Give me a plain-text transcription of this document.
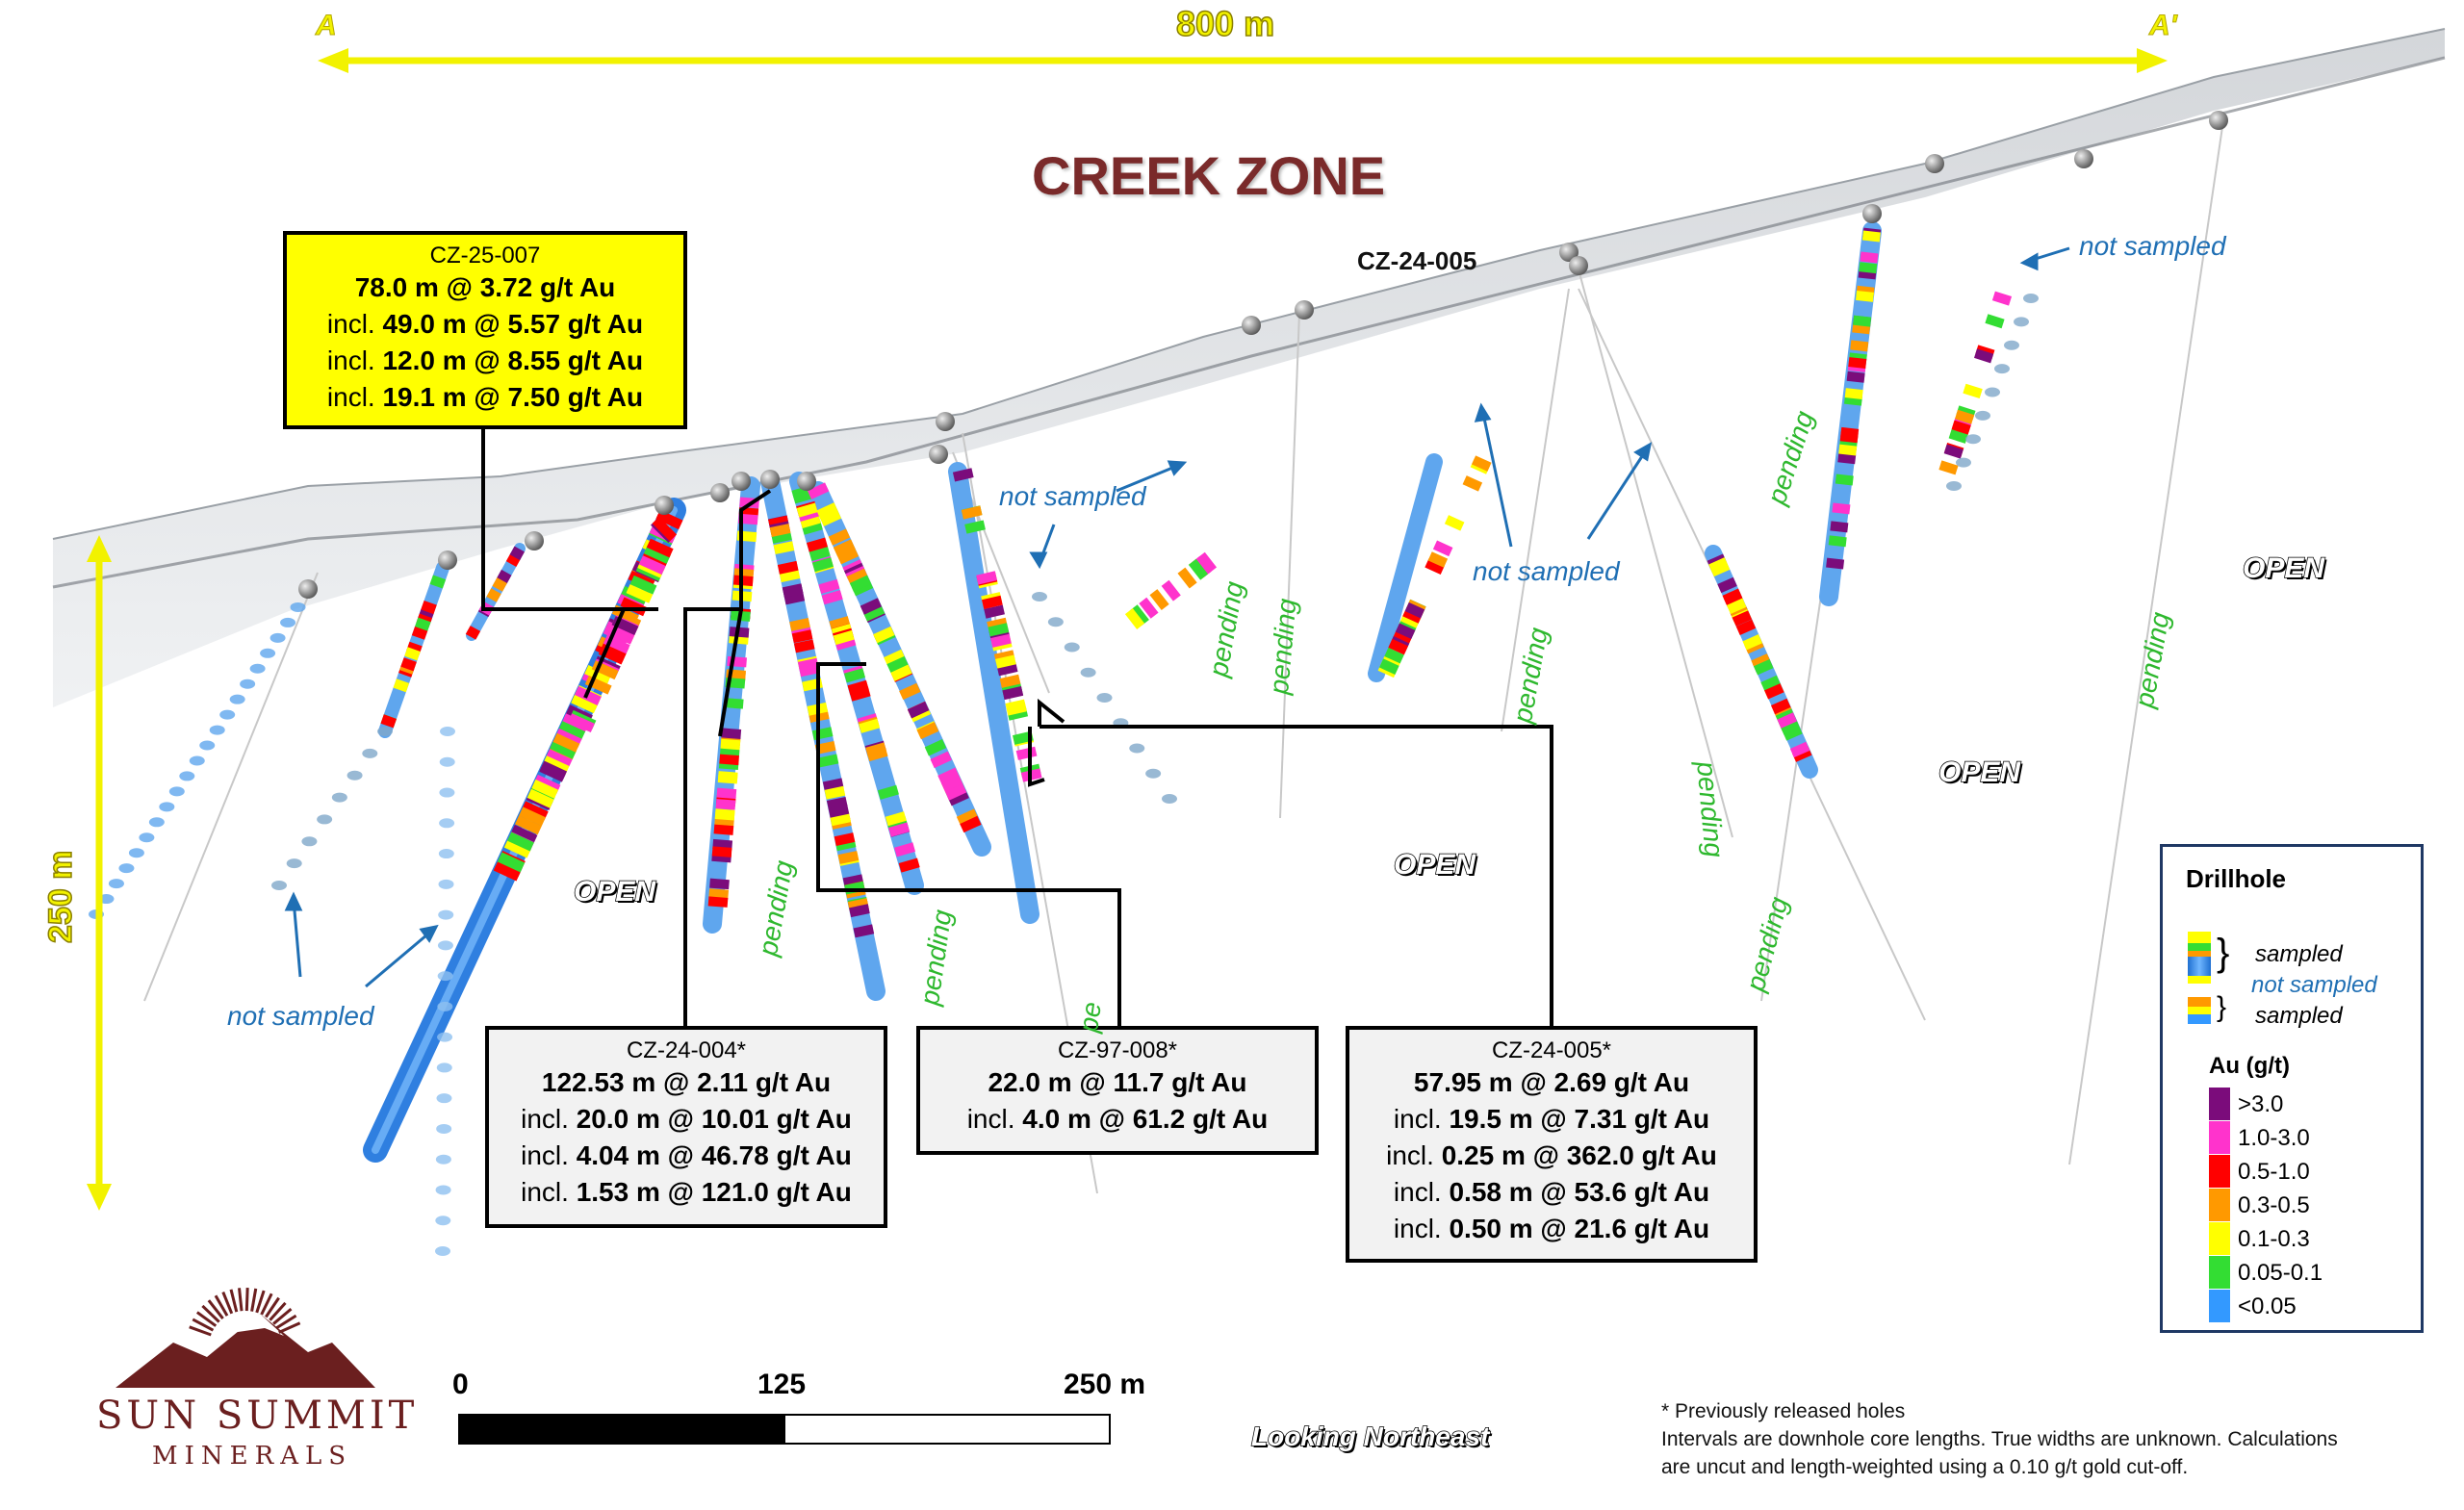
A	A'
800 m
250 m
CREEK ZONE
CZ-24-005
CZ-25-007
78.0 m @ 3.72 g/t Au
incl. 49.0 m @ 5.57 g/t Au
incl. 12.0 m @ 8.55 g/t Au
incl. 19.1 m @ 7.50 g/t Au
CZ-24-004*
122.53 m @ 2.11 g/t Au
incl. 20.0 m @ 10.01 g/t Au
incl. 4.04 m @ 46.78 g/t Au
incl. 1.53 m @ 121.0 g/t Au
CZ-97-008*
22.0 m @ 11.7 g/t Au
incl. 4.0 m @ 61.2 g/t Au
CZ-24-005*
57.95 m @ 2.69 g/t Au
incl. 19.5 m @ 7.31 g/t Au
incl. 0.25 m @ 362.0 g/t Au
incl. 0.58 m @ 53.6 g/t Au
incl. 0.50 m @ 21.6 g/t Au
OPEN
OPEN
OPEN
OPEN
pending	pending
pe
pending pending	pending
pending
pending
pending
pending
not sampled
not sampled
not sampled
not sampled
Drillhole
}
}
sampled
not sampled
sampled
Au (g/t)
>3.0
1.0-3.0
0.5-1.0
0.3-0.5
0.1-0.3
0.05-0.1
<0.05
0	125	250 m
Looking Northeast
SUN SUMMIT
MINERALS
* Previously released holes
Intervals are downhole core lengths. True widths are unknown. Calculations
are uncut and length-weighted using a 0.10 g/t gold cut-off.
